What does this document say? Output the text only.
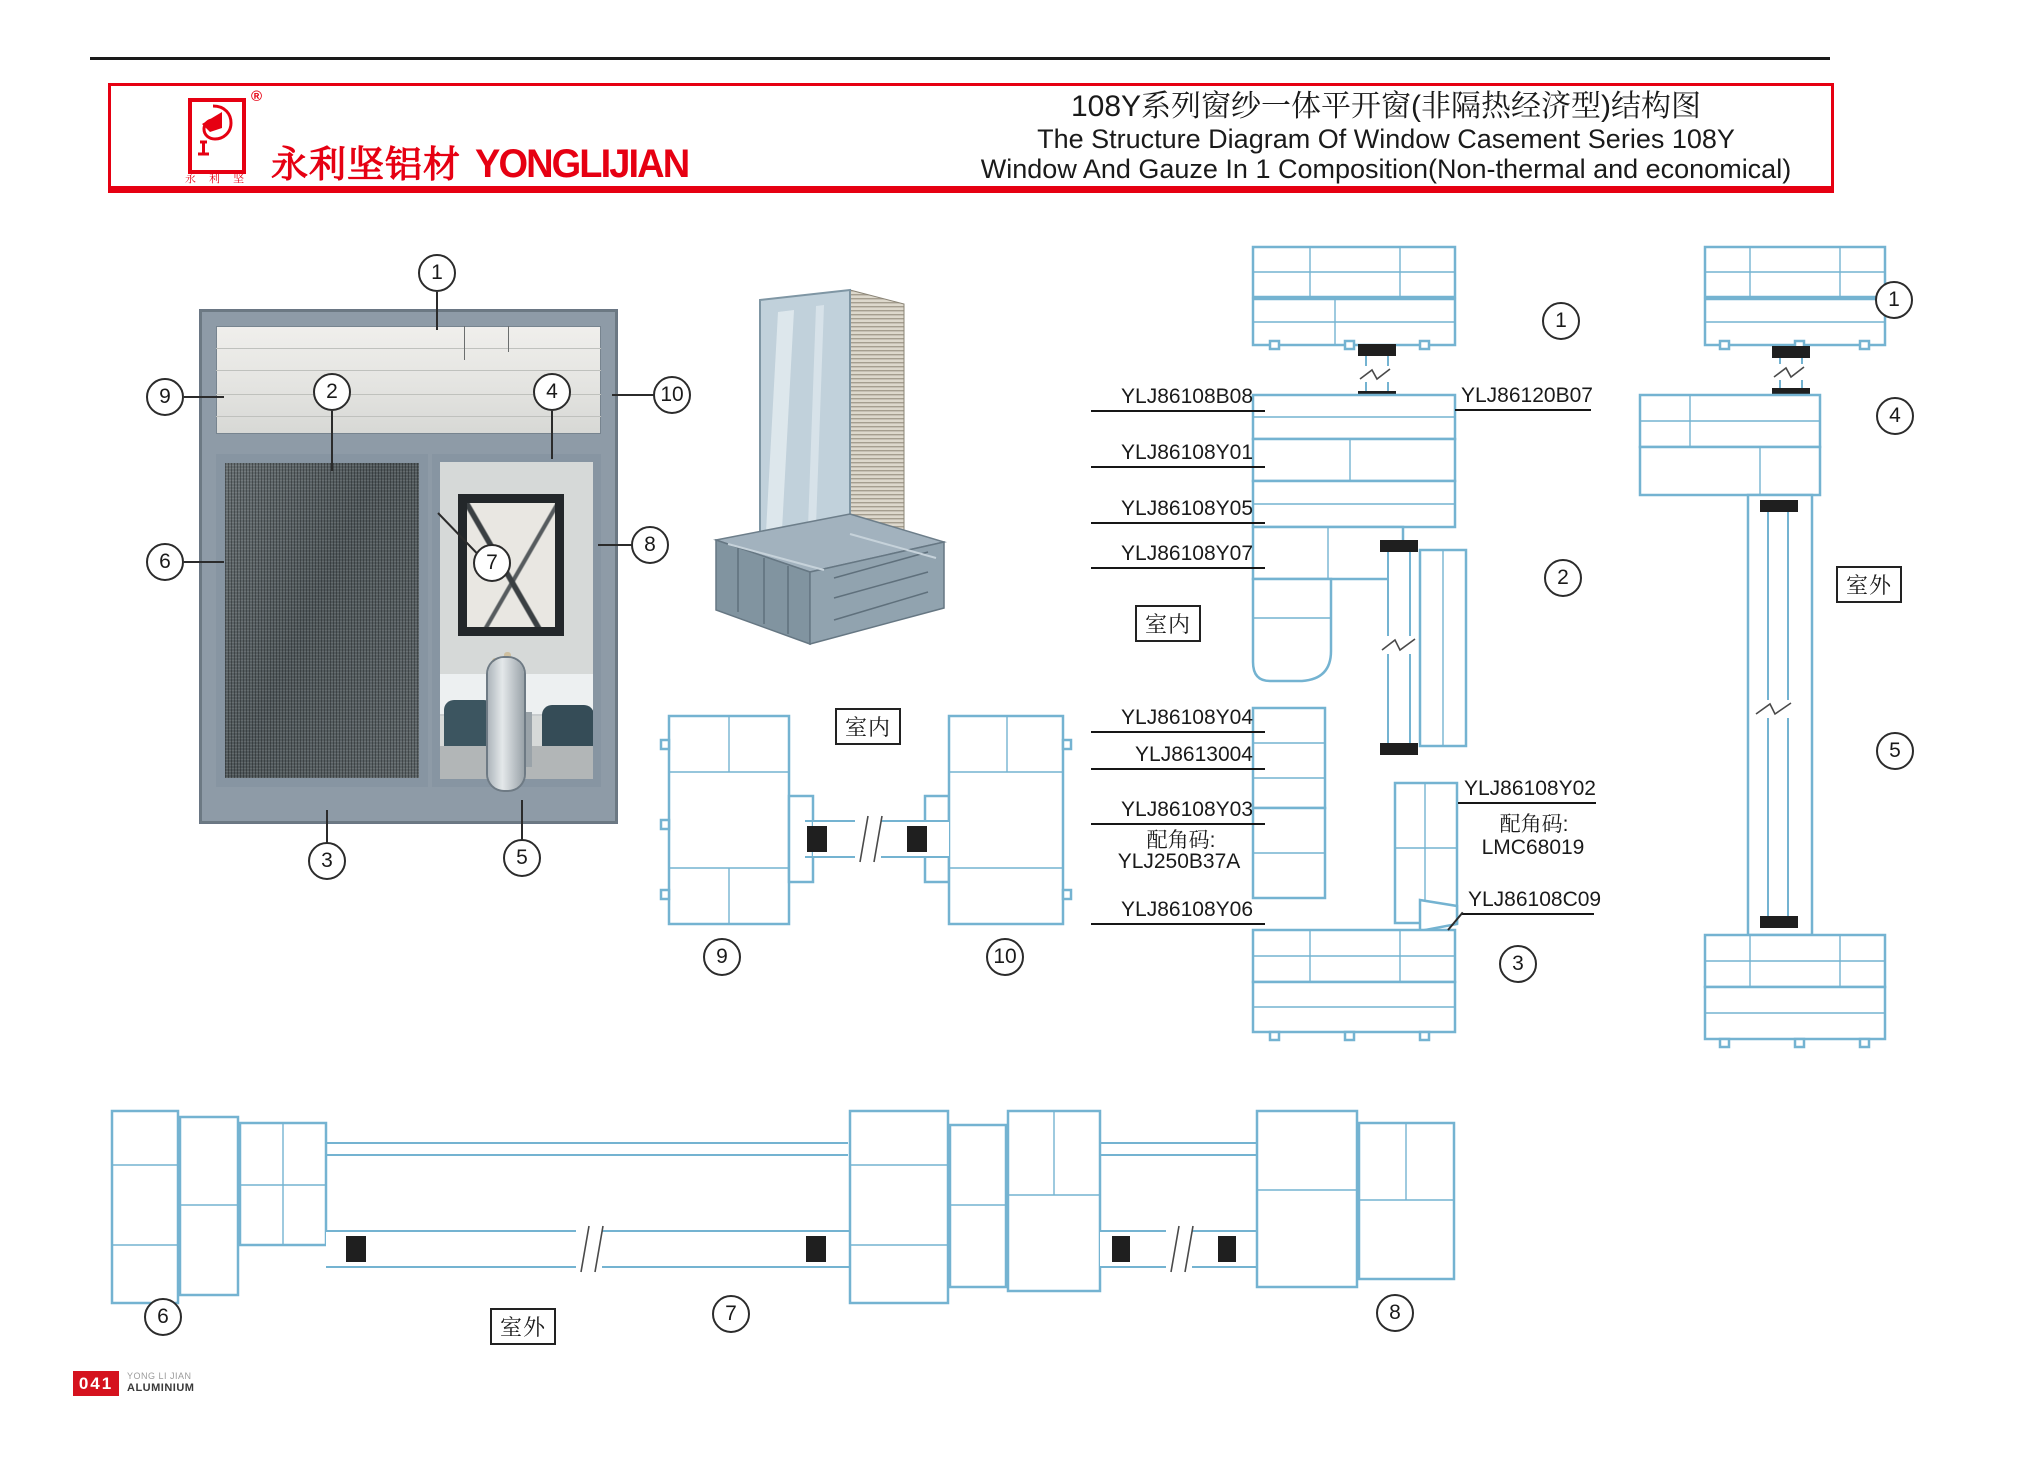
®
永 利 坚 永利坚铝材 YONGLIJIAN
108Y系列窗纱一体平开窗(非隔热经济型)结构图
The Structure Diagram Of Window Casement Series 108Y
Window And Gauze In 1 Composition(Non-thermal and economical)
YLJ86108B08
YLJ86108Y01
YLJ86108Y05
YLJ86108Y07
YLJ86108Y04
YLJ8613004
YLJ86108Y03
配角码:
YLJ250B37A
YLJ86108Y06
YLJ86120B07
YLJ86108Y02
配角码:
LMC68019
YLJ86108C09
室内
室内
室外
室外
1
9	2	4	10
6	7
8
3	5
1
2
3
1
4
5
9	10
6	7	8
041	YONG LI JIAN
ALUMINIUM
